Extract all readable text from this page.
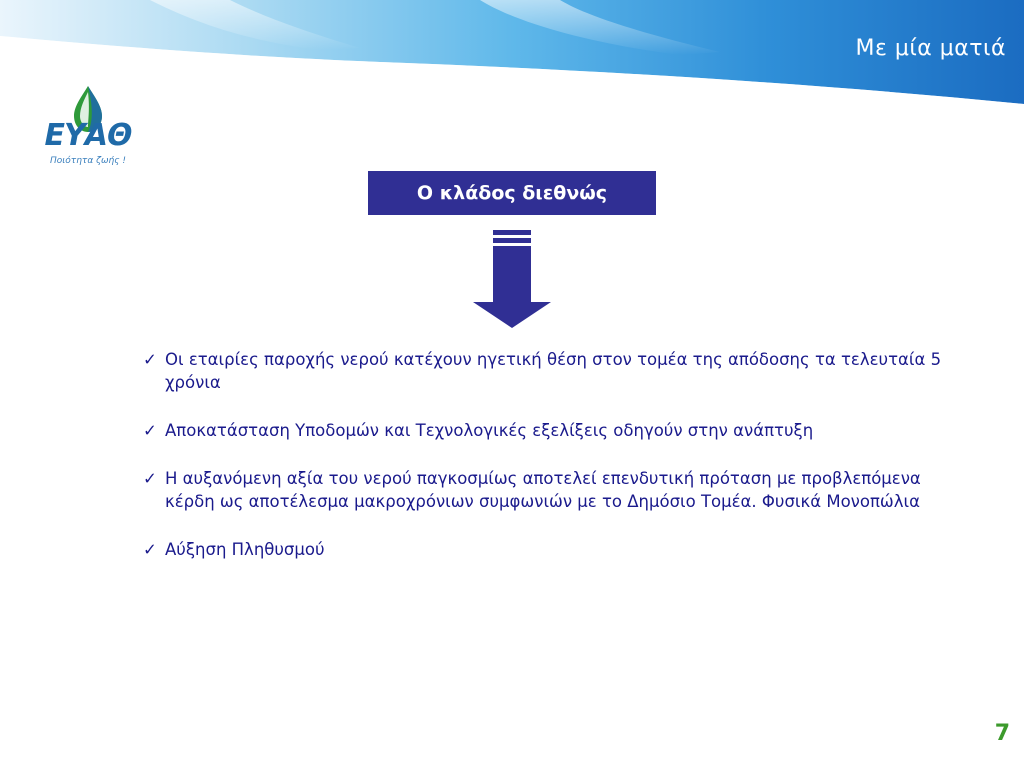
Με μία ματιά
ΕΥΑΘ
Ποιότητα ζωής !
Ο κλάδος διεθνώς
✓ Οι εταιρίες παροχής νερού κατέχουν ηγετική θέση στον τομέα της απόδοσης τα τελευταία 5 χρόνια
✓ Αποκατάσταση Υποδομών και Τεχνολογικές εξελίξεις οδηγούν στην ανάπτυξη
✓ Η αυξανόμενη αξία του νερού παγκοσμίως αποτελεί επενδυτική πρόταση με προβλεπόμενα κέρδη ως αποτέλεσμα μακροχρόνιων συμφωνιών με το Δημόσιο Τομέα. Φυσικά Μονοπώλια
✓ Αύξηση Πληθυσμού
7
